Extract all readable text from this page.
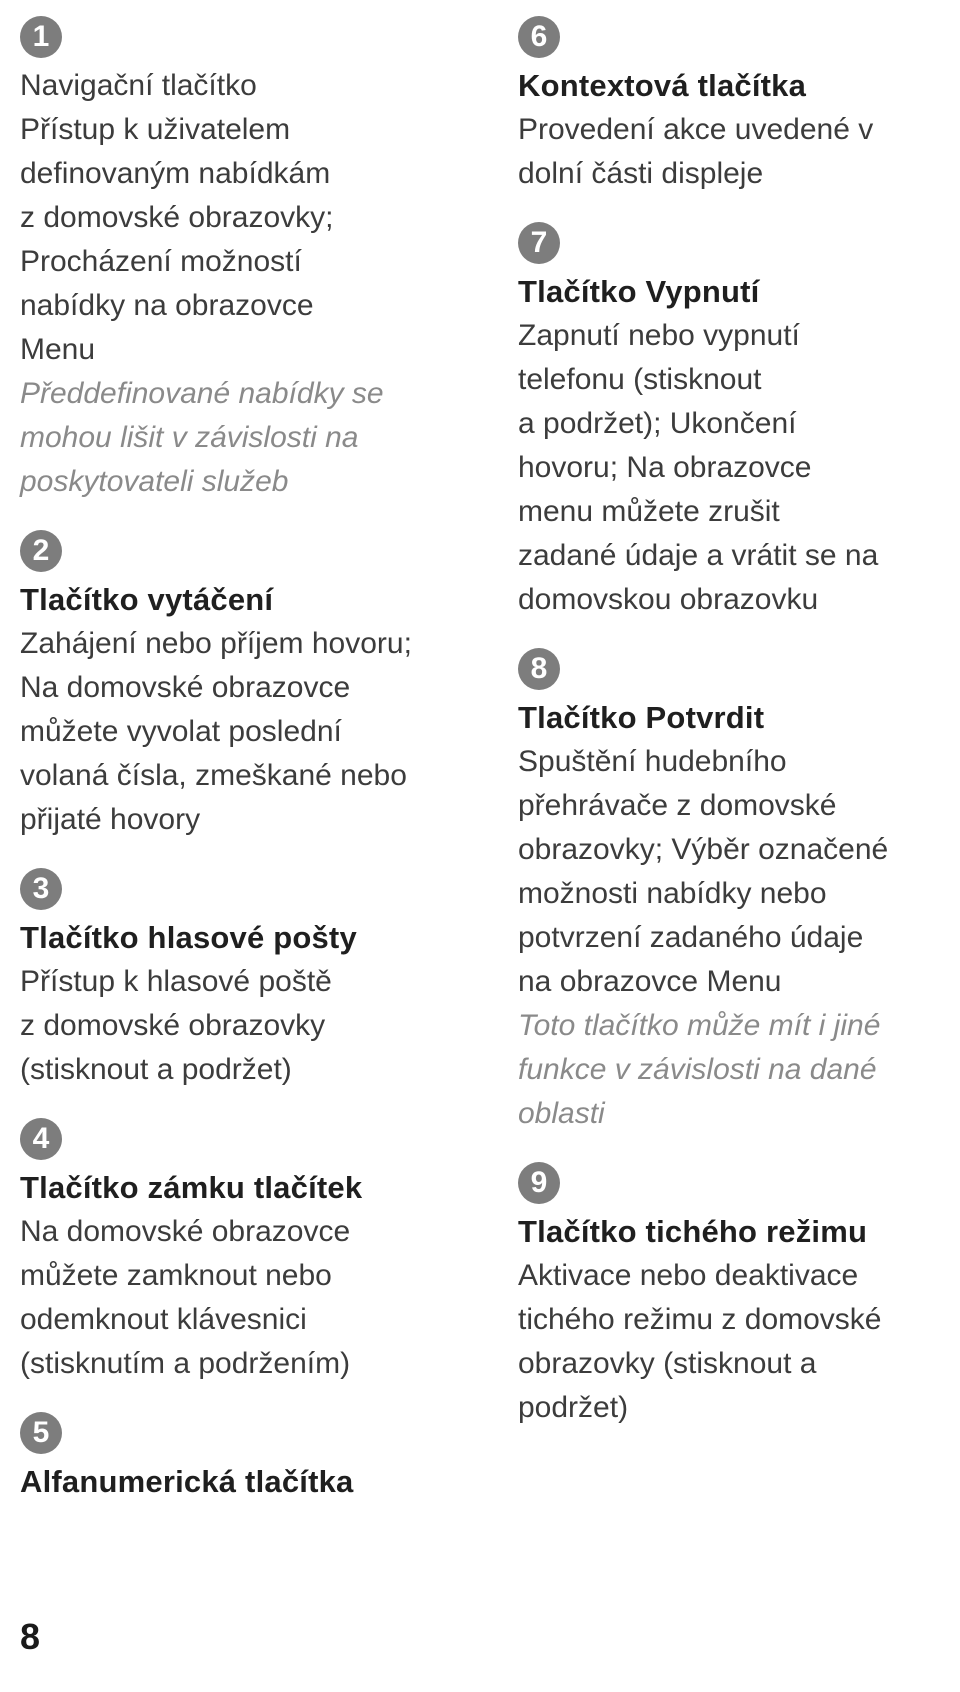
1
Navigační tlačítko
Přístup k uživatelem
definovaným nabídkám
z domovské obrazovky;
Procházení možností
nabídky na obrazovce
Menu
Předdefinované nabídky se
mohou lišit v závislosti na
poskytovateli služeb
2
Tlačítko vytáčení
Zahájení nebo příjem hovoru;
Na domovské obrazovce
můžete vyvolat poslední
volaná čísla, zmeškané nebo
přijaté hovory
3
Tlačítko hlasové pošty
Přístup k hlasové poště
z domovské obrazovky
(stisknout a podržet)
4
Tlačítko zámku tlačítek
Na domovské obrazovce
můžete zamknout nebo
odemknout klávesnici
(stisknutím a podržením)
5
Alfanumerická tlačítka
6
Kontextová tlačítka
Provedení akce uvedené v
dolní části displeje
7
Tlačítko Vypnutí
Zapnutí nebo vypnutí
telefonu (stisknout
a podržet); Ukončení
hovoru; Na obrazovce
menu můžete zrušit
zadané údaje a vrátit se na
domovskou obrazovku
8
Tlačítko Potvrdit
Spuštění hudebního
přehrávače z domovské
obrazovky; Výběr označené
možnosti nabídky nebo
potvrzení zadaného údaje
na obrazovce Menu
Toto tlačítko může mít i jiné
funkce v závislosti na dané
oblasti
9
Tlačítko tichého režimu
Aktivace nebo deaktivace
tichého režimu z domovské
obrazovky (stisknout a
podržet)
8
